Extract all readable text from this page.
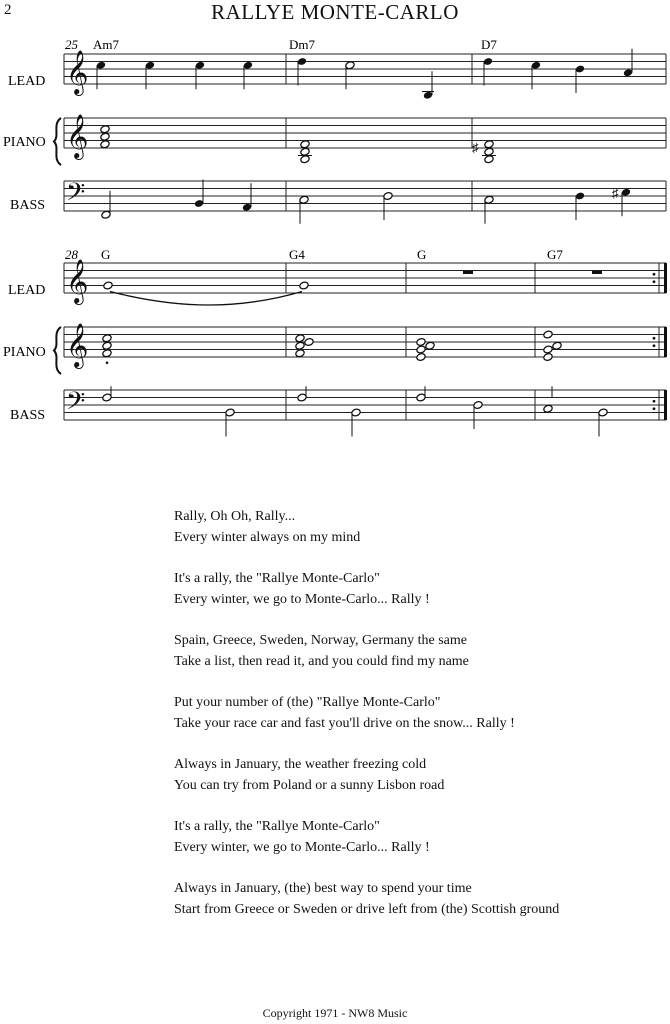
2	RALLYE MONTE-CARLO
𝄞
𝄞
𝄢
𝄞
𝄞
𝄢
♯
♯
LEAD
PIANO
BASS
LEAD
PIANO
BASS
25
28
Am7	Dm7	D7
G	G4	G	G7
Rally, Oh Oh, Rally...
Every winter always on my mind
It's a rally, the "Rallye Monte-Carlo"
Every winter, we go to Monte-Carlo... Rally !
Spain, Greece, Sweden, Norway, Germany the same
Take a list, then read it, and you could find my name
Put your number of (the) "Rallye Monte-Carlo"
Take your race car and fast you'll drive on the snow... Rally !
Always in January, the weather freezing cold
You can try from Poland or a sunny Lisbon road
It's a rally, the "Rallye Monte-Carlo"
Every winter, we go to Monte-Carlo... Rally !
Always in January, (the) best way to spend your time
Start from Greece or Sweden or drive left from (the) Scottish ground
Copyright 1971 - NW8 Music
